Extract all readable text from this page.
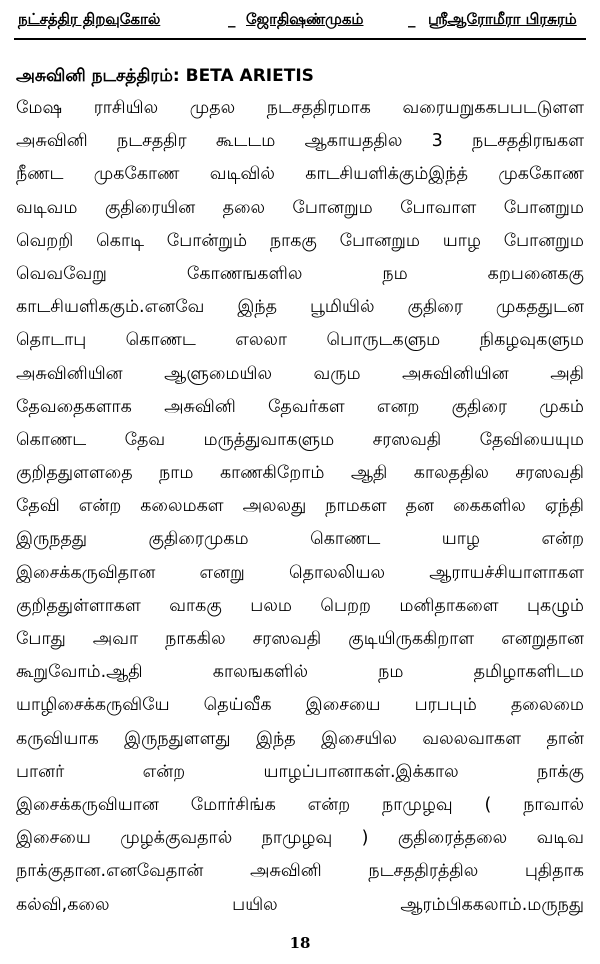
நட்சத்திர திறவுகோல்	_ ஜோதிஷண்முகம்	_ ஸ்ரீஆரோமீரா பிரசுரம்
அசுவினி நடசத்திரம்: BETA ARIETIS
மேஷ ராசியில முதல நடசததிரமாக வரையறுககபபடடுளள
அசுவினி நடசததிர கூடடம ஆகாயததில 3 நடசததிரஙகள
நீணட முககோண வடிவில் காடசியளிக்கும்இந்த் முககோண
வடிவம குதிரையின தலை போனறும போவாள போனறும
வெறறி கொடி போன்றும் நாககு போனறும யாழ போனறும
வெவவேறு கோணஙகளில நம கறபனைககு
காடசியளிககும்.எனவே இந்த பூமியில் குதிரை முகததுடன
தொடாபு கொணட எலலா பொருடகளும நிகழவுகளும
அசுவினியின ஆளுமையில வரும அசுவினியின அதி
தேவதைகளாக அசுவினி தேவர்கள எனற குதிரை முகம்
கொணட தேவ மருத்துவாகளும சரஸவதி தேவியையும
குறிததுளளதை நாம காணகிறோம் ஆதி காலததில சரஸவதி
தேவி என்ற கலைமகள அலலது நாமகள தன கைகளில ஏந்தி
இருநதது குதிரைமுகம கொணட யாழ என்ற
இசைக்கருவிதான எனறு தொலலியல ஆராயச்சியாளாகள
குறிததுள்ளாகள வாககு பலம பெறற மனிதாகளை புகழும்
போது அவா நாககில சரஸவதி குடியிருககிறாள எனறுதான
கூறுவோம்.ஆதி காலஙகளில் நம தமிழாகளிடம
யாழிசைக்கருவியே தெய்வீக இசையை பரபபும் தலைமை
கருவியாக இருநதுளளது இந்த இசையில வலலவாகள தான்
பானர் என்ற யாழப்பானாகள்.இக்கால நாக்கு
இசைக்கருவியான மோர்சிங்க என்ற நாமுழவு ( நாவால்
இசையை முழக்குவதால் நாமுழவு ) குதிரைத்தலை வடிவ
நாக்குதான.எனவேதான் அசுவினி நடசததிரத்தில புதிதாக
கல்வி,கலை பயில ஆரம்பிககலாம்.மருநது
18
